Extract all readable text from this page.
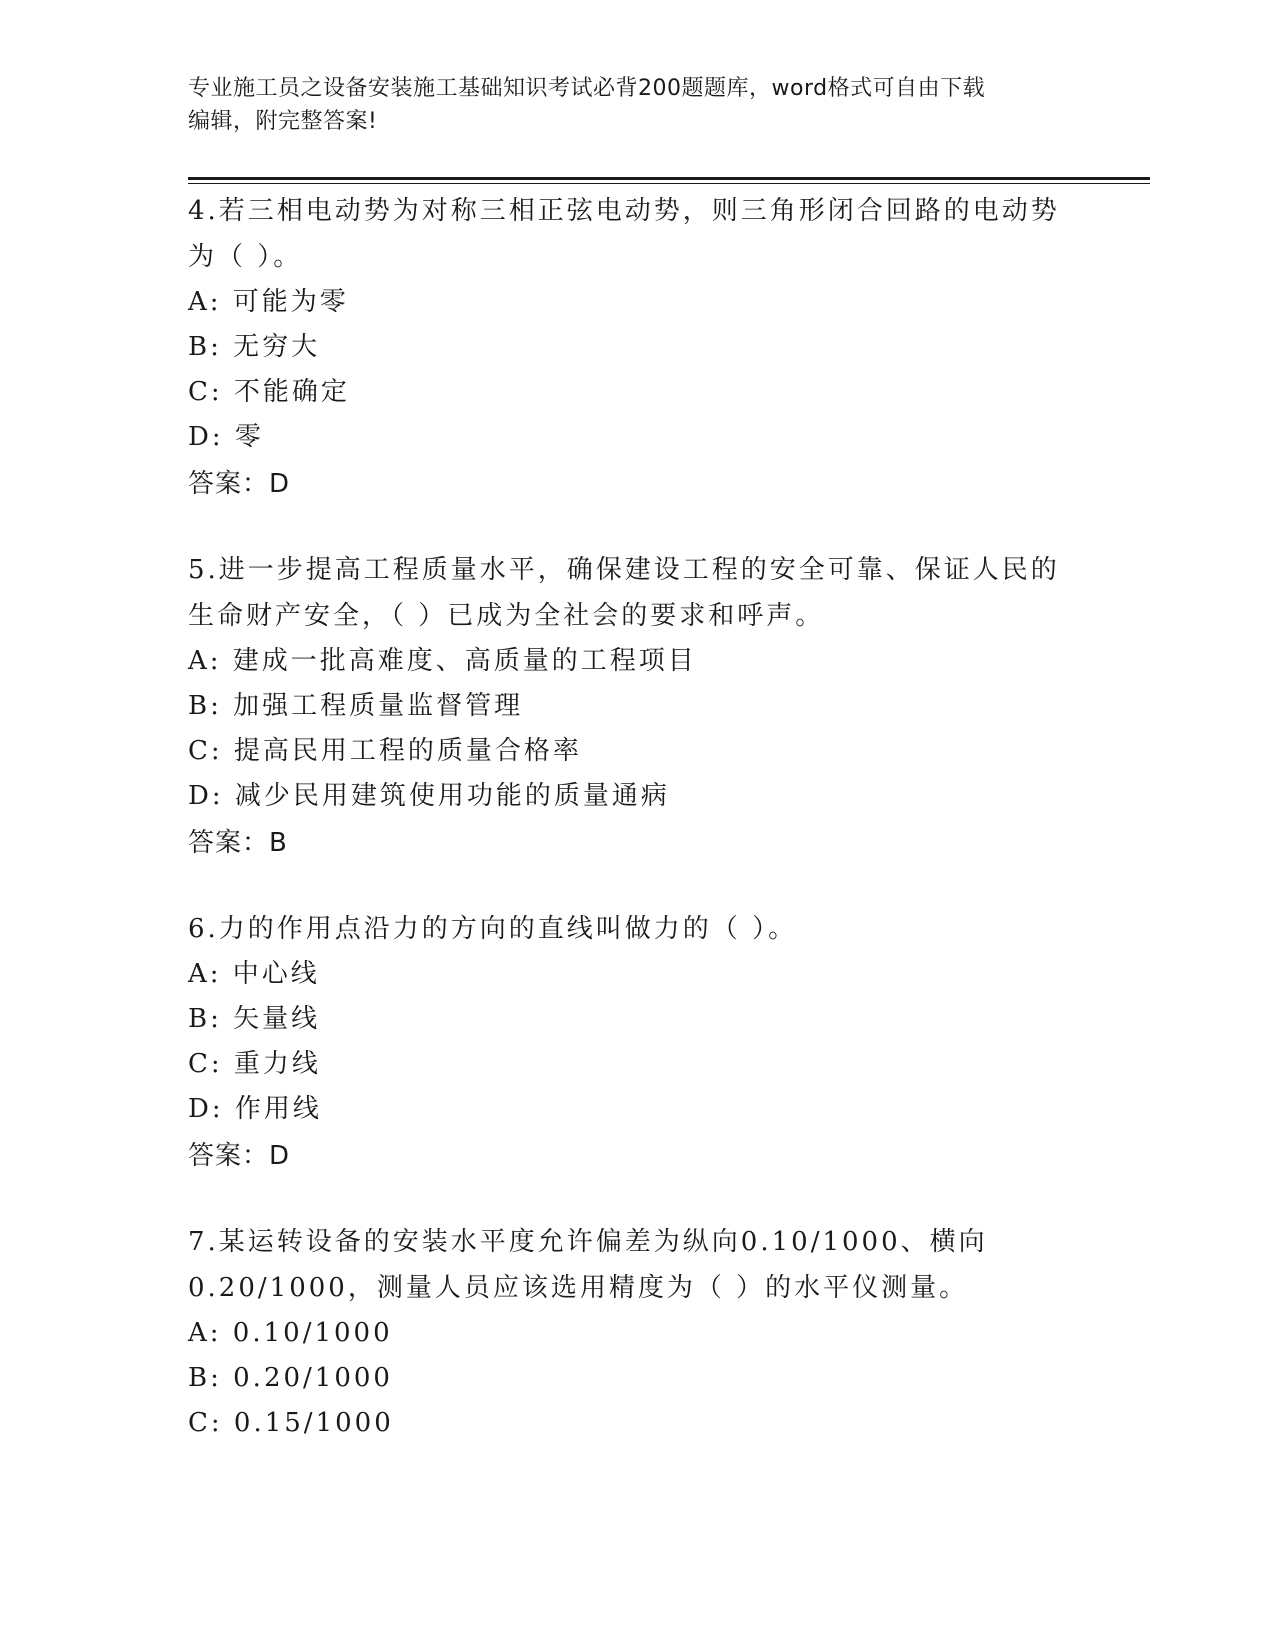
专业施工员之设备安装施工基础知识考试必背200题题库，word格式可自由下载
编辑，附完整答案!
4.若三相电动势为对称三相正弦电动势，则三角形闭合回路的电动势
为（ ）。
A: 可能为零
B: 无穷大
C: 不能确定
D: 零
答案：D
5.进一步提高工程质量水平，确保建设工程的安全可靠、保证人民的
生命财产安全，（ ）已成为全社会的要求和呼声。
A: 建成一批高难度、高质量的工程项目
B: 加强工程质量监督管理
C: 提高民用工程的质量合格率
D: 减少民用建筑使用功能的质量通病
答案：B
6.力的作用点沿力的方向的直线叫做力的（ ）。
A: 中心线
B: 矢量线
C: 重力线
D: 作用线
答案：D
7.某运转设备的安装水平度允许偏差为纵向0.10/1000、横向
0.20/1000，测量人员应该选用精度为（ ）的水平仪测量。
A: 0.10/1000
B: 0.20/1000
C: 0.15/1000
